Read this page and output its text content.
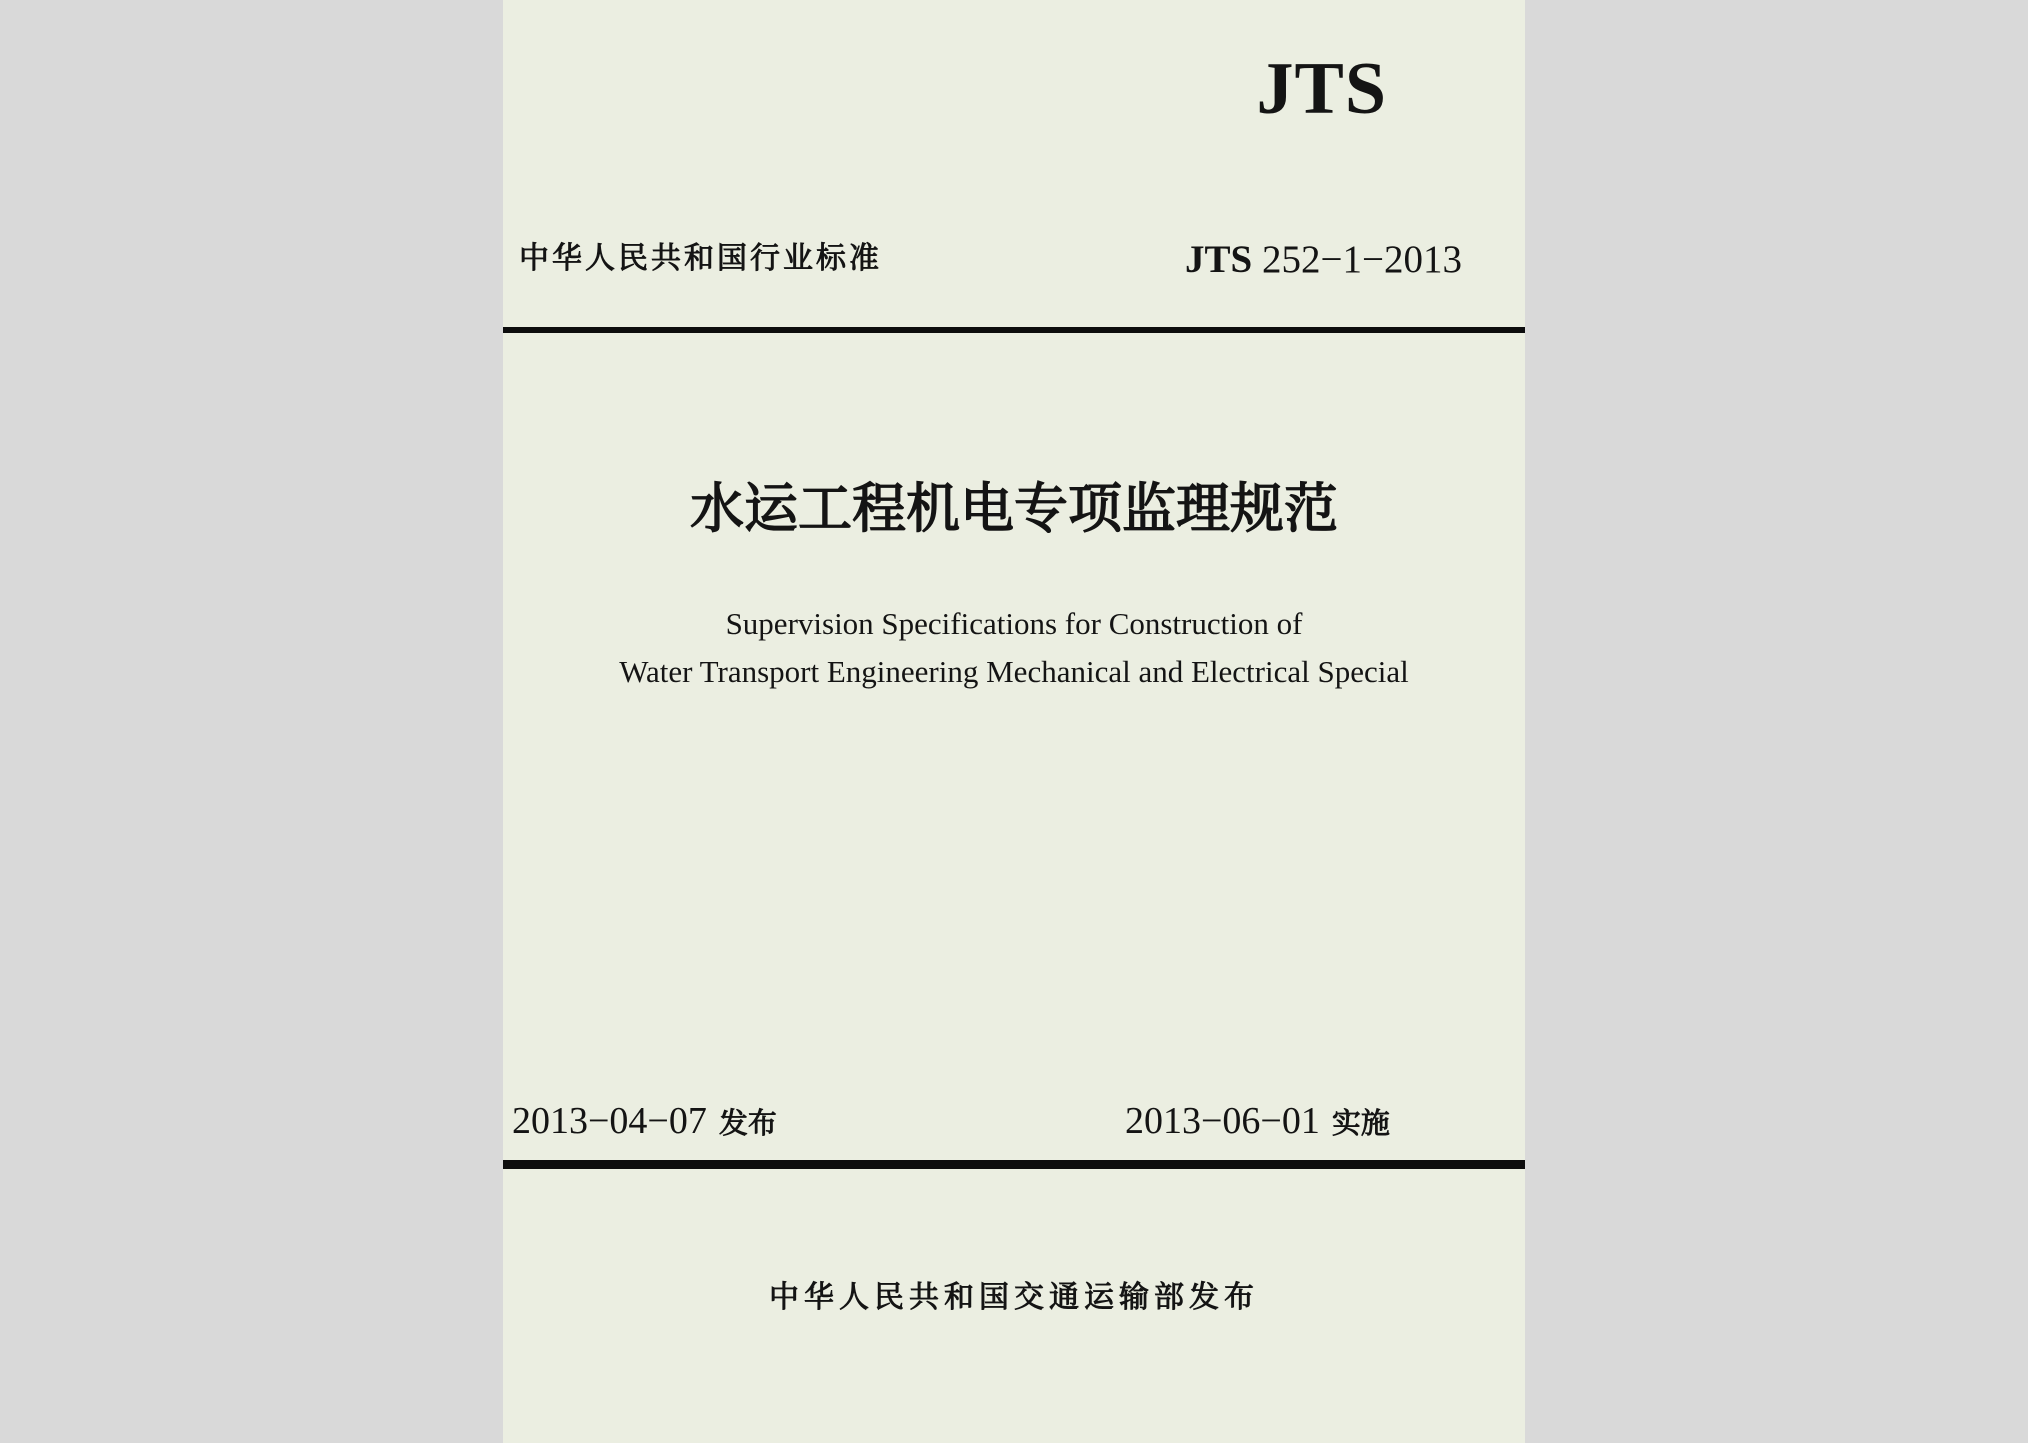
JTS
中华人民共和国行业标准	JTS 252−1−2013
水运工程机电专项监理规范
Supervision Specifications for Construction of
Water Transport Engineering Mechanical and Electrical Special
2013−04−07 发布	2013−06−01 实施
中华人民共和国交通运输部发布
